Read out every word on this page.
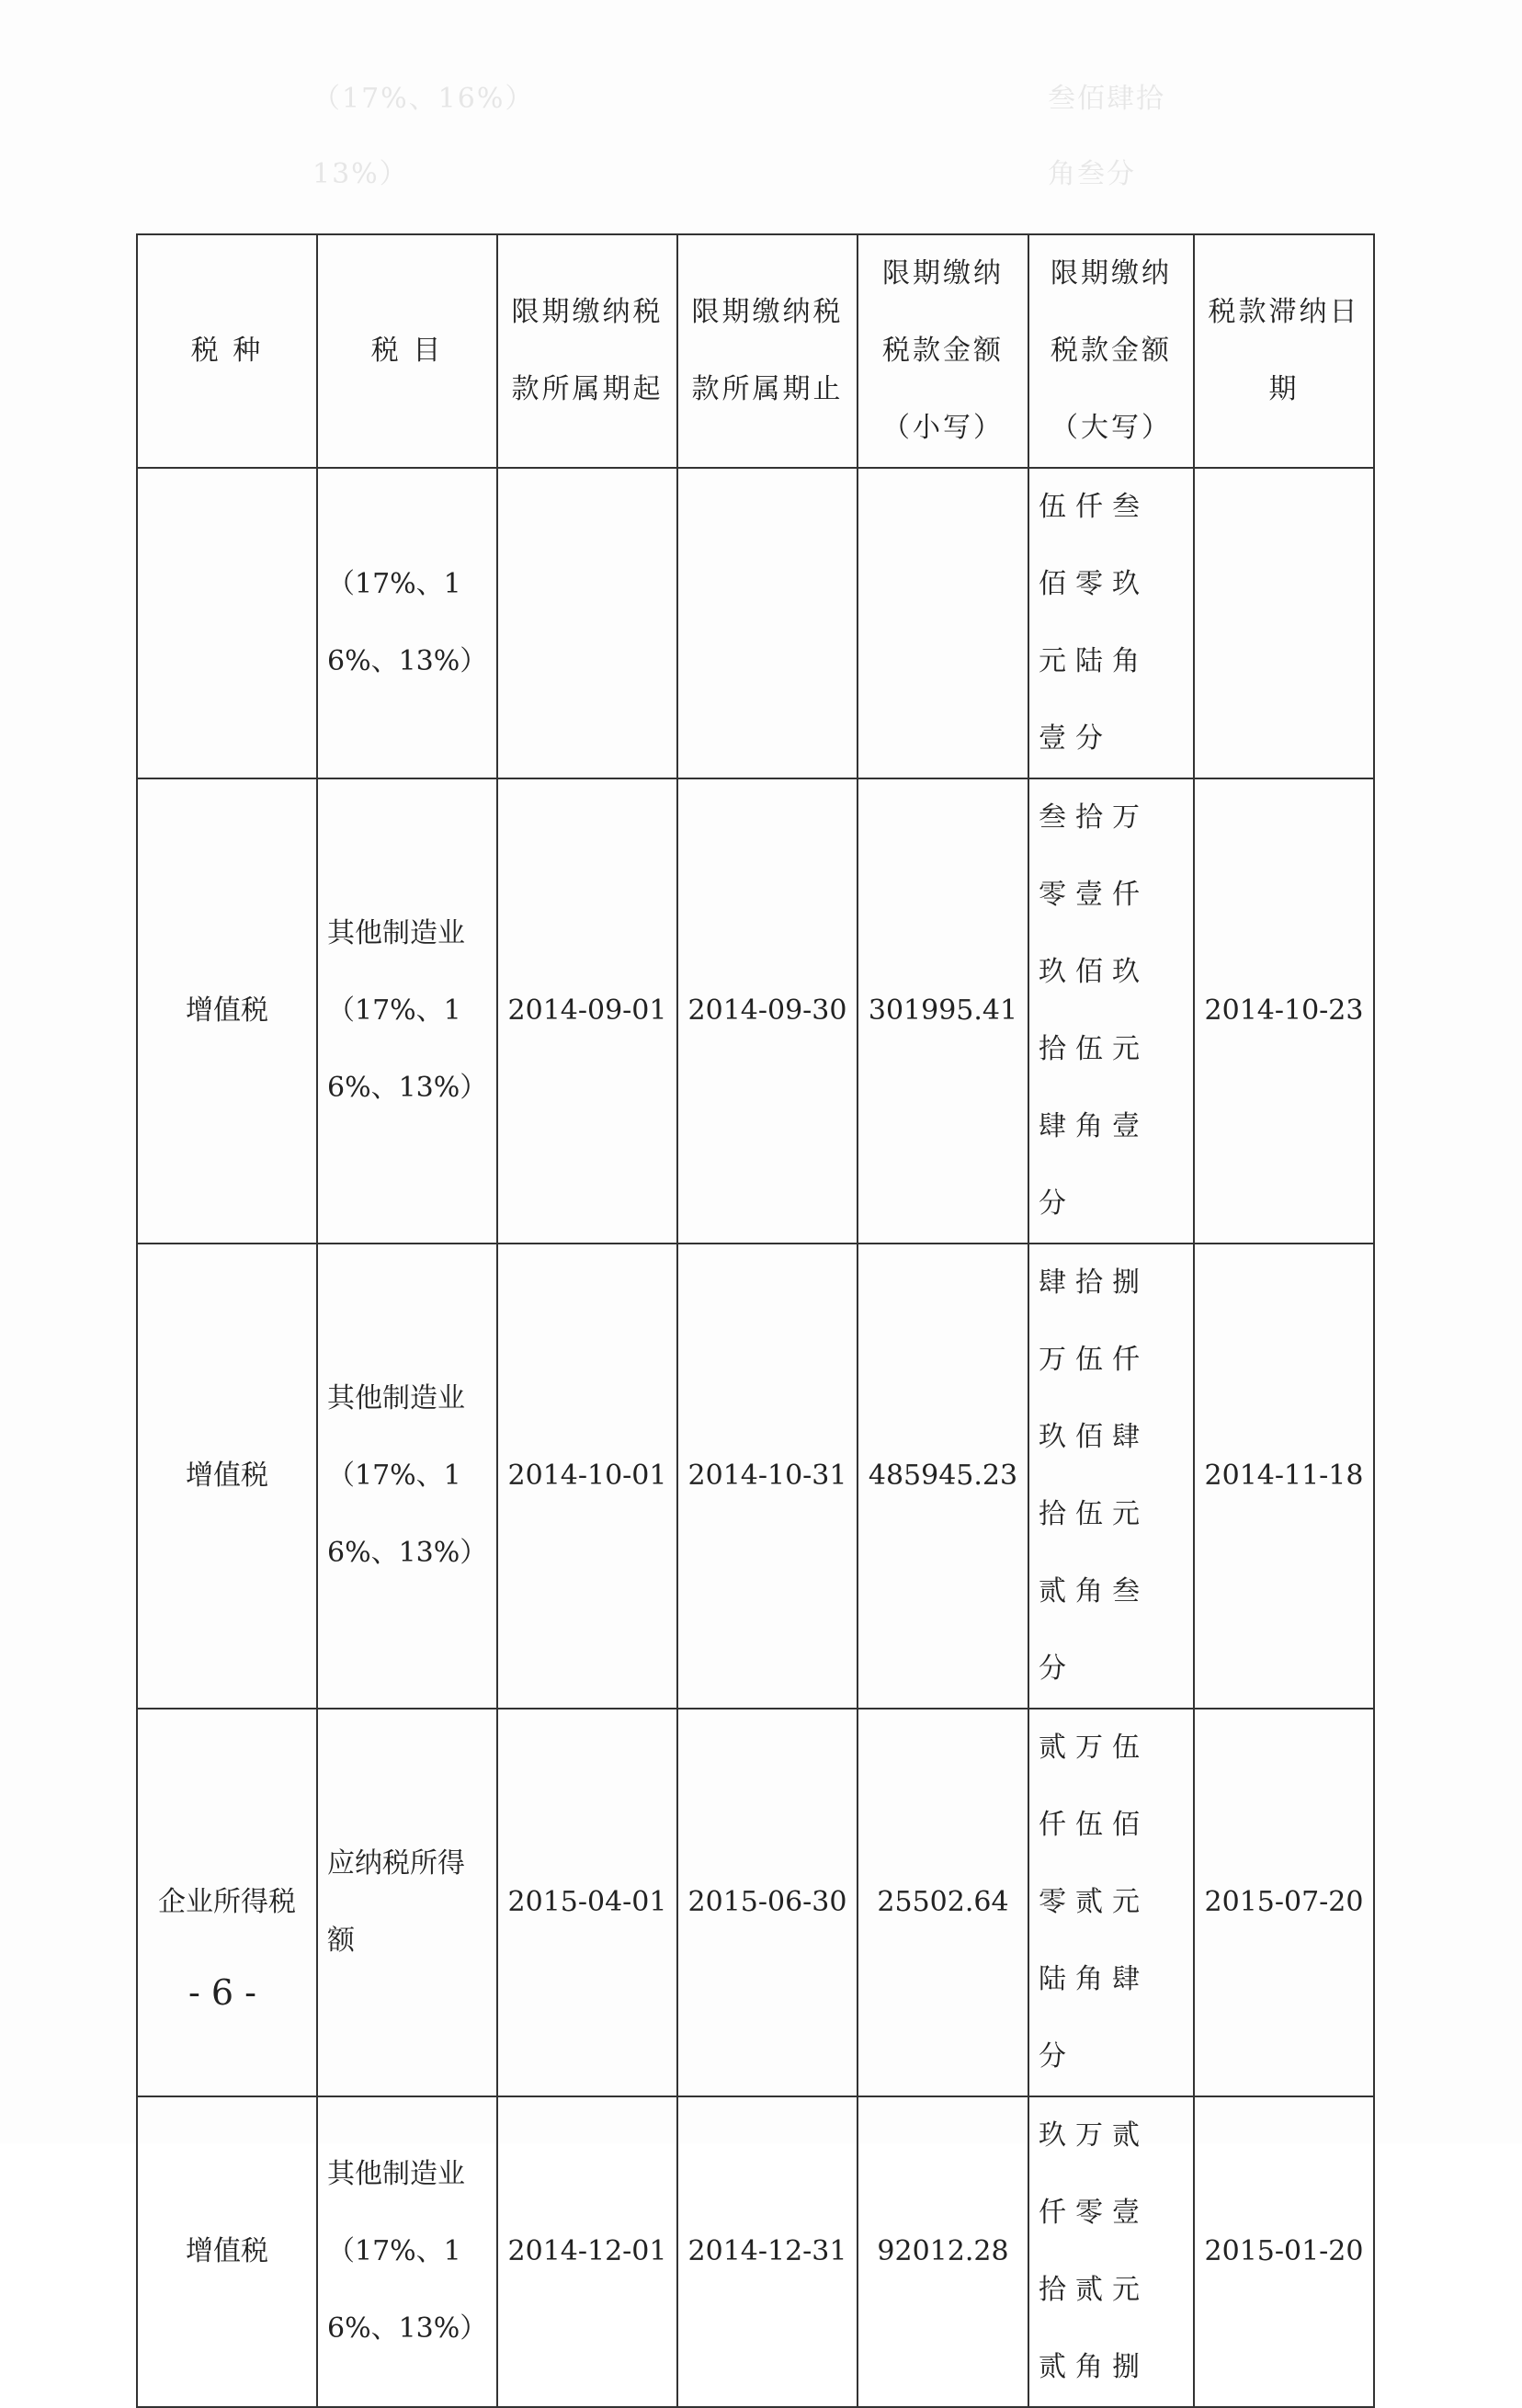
（17%、16%）	叁佰肆拾
13%）	角叁分
税 种	税 目	限期缴纳税款所属期起	限期缴纳税款所属期止	限期缴纳税款金额（小写）	限期缴纳税款金额（大写）	税款滞纳日期
	（17%、16%、13%）				伍仟叁佰零玖元陆角壹分	
增值税	其他制造业（17%、16%、13%）	2014-09-01	2014-09-30	301995.41	叁拾万零壹仟玖佰玖拾伍元肆角壹分	2014-10-23
增值税	其他制造业（17%、16%、13%）	2014-10-01	2014-10-31	485945.23	肆拾捌万伍仟玖佰肆拾伍元贰角叁分	2014-11-18
企业所得税	应纳税所得额	2015-04-01	2015-06-30	25502.64	贰万伍仟伍佰零贰元陆角肆分	2015-07-20
增值税	其他制造业（17%、16%、13%）	2014-12-01	2014-12-31	92012.28	玖万贰仟零壹拾贰元贰角捌	2015-01-20
- 6 -
